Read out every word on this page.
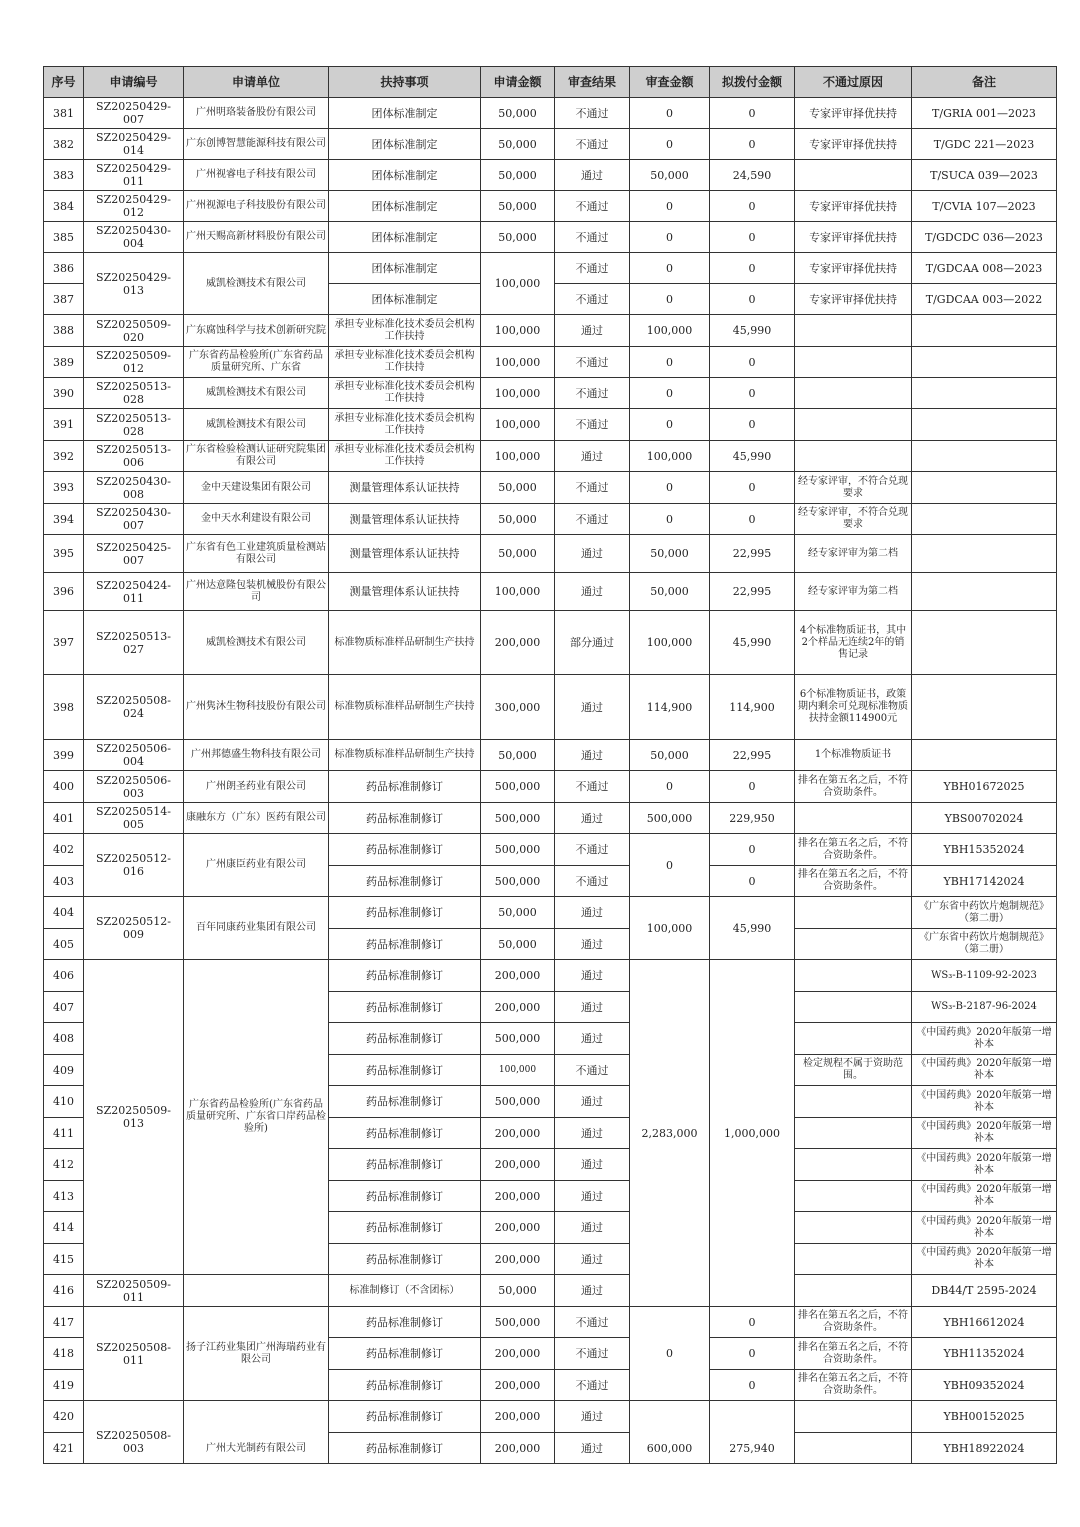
序号	申请编号	申请单位	扶持事项	申请金额	审查结果	审查金额	拟拨付金额	不通过原因	备注
381	SZ20250429-007	广州明珞装备股份有限公司	团体标准制定	50,000	不通过	0	0	专家评审择优扶持	T/GRIA 001—2023
382	SZ20250429-014	广东创博智慧能源科技有限公司	团体标准制定	50,000	不通过	0	0	专家评审择优扶持	T/GDC 221—2023
383	SZ20250429-011	广州视睿电子科技有限公司	团体标准制定	50,000	通过	50,000	24,590		T/SUCA 039—2023
384	SZ20250429-012	广州视源电子科技股份有限公司	团体标准制定	50,000	不通过	0	0	专家评审择优扶持	T/CVIA 107—2023
385	SZ20250430-004	广州天赐高新材料股份有限公司	团体标准制定	50,000	不通过	0	0	专家评审择优扶持	T/GDCDC 036—2023
386	SZ20250429-013	威凯检测技术有限公司	团体标准制定	100,000	不通过	0	0	专家评审择优扶持	T/GDCAA 008—2023
387			团体标准制定		不通过	0	0	专家评审择优扶持	T/GDCAA 003—2022
388	SZ20250509-020	广东腐蚀科学与技术创新研究院	承担专业标准化技术委员会机构工作扶持	100,000	通过	100,000	45,990		
389	SZ20250509-012	广东省药品检验所(广东省药品质量研究所、广东省	承担专业标准化技术委员会机构工作扶持	100,000	不通过	0	0		
390	SZ20250513-028	威凯检测技术有限公司	承担专业标准化技术委员会机构工作扶持	100,000	不通过	0	0		
391	SZ20250513-028	威凯检测技术有限公司	承担专业标准化技术委员会机构工作扶持	100,000	不通过	0	0		
392	SZ20250513-006	广东省检验检测认证研究院集团有限公司	承担专业标准化技术委员会机构工作扶持	100,000	通过	100,000	45,990		
393	SZ20250430-008	金中天建设集团有限公司	测量管理体系认证扶持	50,000	不通过	0	0	经专家评审，不符合兑现要求	
394	SZ20250430-007	金中天水利建设有限公司	测量管理体系认证扶持	50,000	不通过	0	0	经专家评审，不符合兑现要求	
395	SZ20250425-007	广东省有色工业建筑质量检测站有限公司	测量管理体系认证扶持	50,000	通过	50,000	22,995	经专家评审为第二档	
396	SZ20250424-011	广州达意隆包装机械股份有限公司	测量管理体系认证扶持	100,000	通过	50,000	22,995	经专家评审为第二档	
397	SZ20250513-027	威凯检测技术有限公司	标准物质标准样品研制生产扶持	200,000	部分通过	100,000	45,990	4个标准物质证书，其中2个样品无连续2年的销售记录	
398	SZ20250508-024	广州隽沐生物科技股份有限公司	标准物质标准样品研制生产扶持	300,000	通过	114,900	114,900	6个标准物质证书，政策期内剩余可兑现标准物质扶持金额114900元	
399	SZ20250506-004	广州邦德盛生物科技有限公司	标准物质标准样品研制生产扶持	50,000	通过	50,000	22,995	1个标准物质证书	
400	SZ20250506-003	广州朗圣药业有限公司	药品标准制修订	500,000	不通过	0	0	排名在第五名之后，不符合资助条件。	YBH01672025
401	SZ20250514-005	康融东方（广东）医药有限公司	药品标准制修订	500,000	通过	500,000	229,950		YBS00702024
402	SZ20250512-016	广州康臣药业有限公司	药品标准制修订	500,000	不通过	0	0	排名在第五名之后，不符合资助条件。	YBH15352024
403			药品标准制修订	500,000	不通过		0	排名在第五名之后，不符合资助条件。	YBH17142024
404	SZ20250512-009	百年同康药业集团有限公司	药品标准制修订	50,000	通过	100,000	45,990		《广东省中药饮片炮制规范》（第二册）
405			药品标准制修订	50,000	通过				《广东省中药饮片炮制规范》（第二册）
406	SZ20250509-013	广东省药品检验所(广东省药品质量研究所、广东省口岸药品检验所)	药品标准制修订	200,000	通过	2,283,000	1,000,000		WS₃-B-1109-92-2023
407			药品标准制修订	200,000	通过				WS₃-B-2187-96-2024
408			药品标准制修订	500,000	通过				《中国药典》2020年版第一增补本
409			药品标准制修订	100,000	不通过			检定规程不属于资助范围。	《中国药典》2020年版第一增补本
410			药品标准制修订	500,000	通过				《中国药典》2020年版第一增补本
411			药品标准制修订	200,000	通过				《中国药典》2020年版第一增补本
412			药品标准制修订	200,000	通过				《中国药典》2020年版第一增补本
413			药品标准制修订	200,000	通过				《中国药典》2020年版第一增补本
414			药品标准制修订	200,000	通过				《中国药典》2020年版第一增补本
415			药品标准制修订	200,000	通过				《中国药典》2020年版第一增补本
416	SZ20250509-011		标准制修订（不含团标）	50,000	通过				DB44/T 2595-2024
417	SZ20250508-011	扬子江药业集团广州海瑞药业有限公司	药品标准制修订	500,000	不通过	0	0	排名在第五名之后，不符合资助条件。	YBH16612024
418			药品标准制修订	200,000	不通过		0	排名在第五名之后，不符合资助条件。	YBH11352024
419			药品标准制修订	200,000	不通过		0	排名在第五名之后，不符合资助条件。	YBH09352024
420	SZ20250508-003	广州大光制药有限公司	药品标准制修订	200,000	通过	600,000	275,940		YBH00152025
421			药品标准制修订	200,000	通过				YBH18922024
